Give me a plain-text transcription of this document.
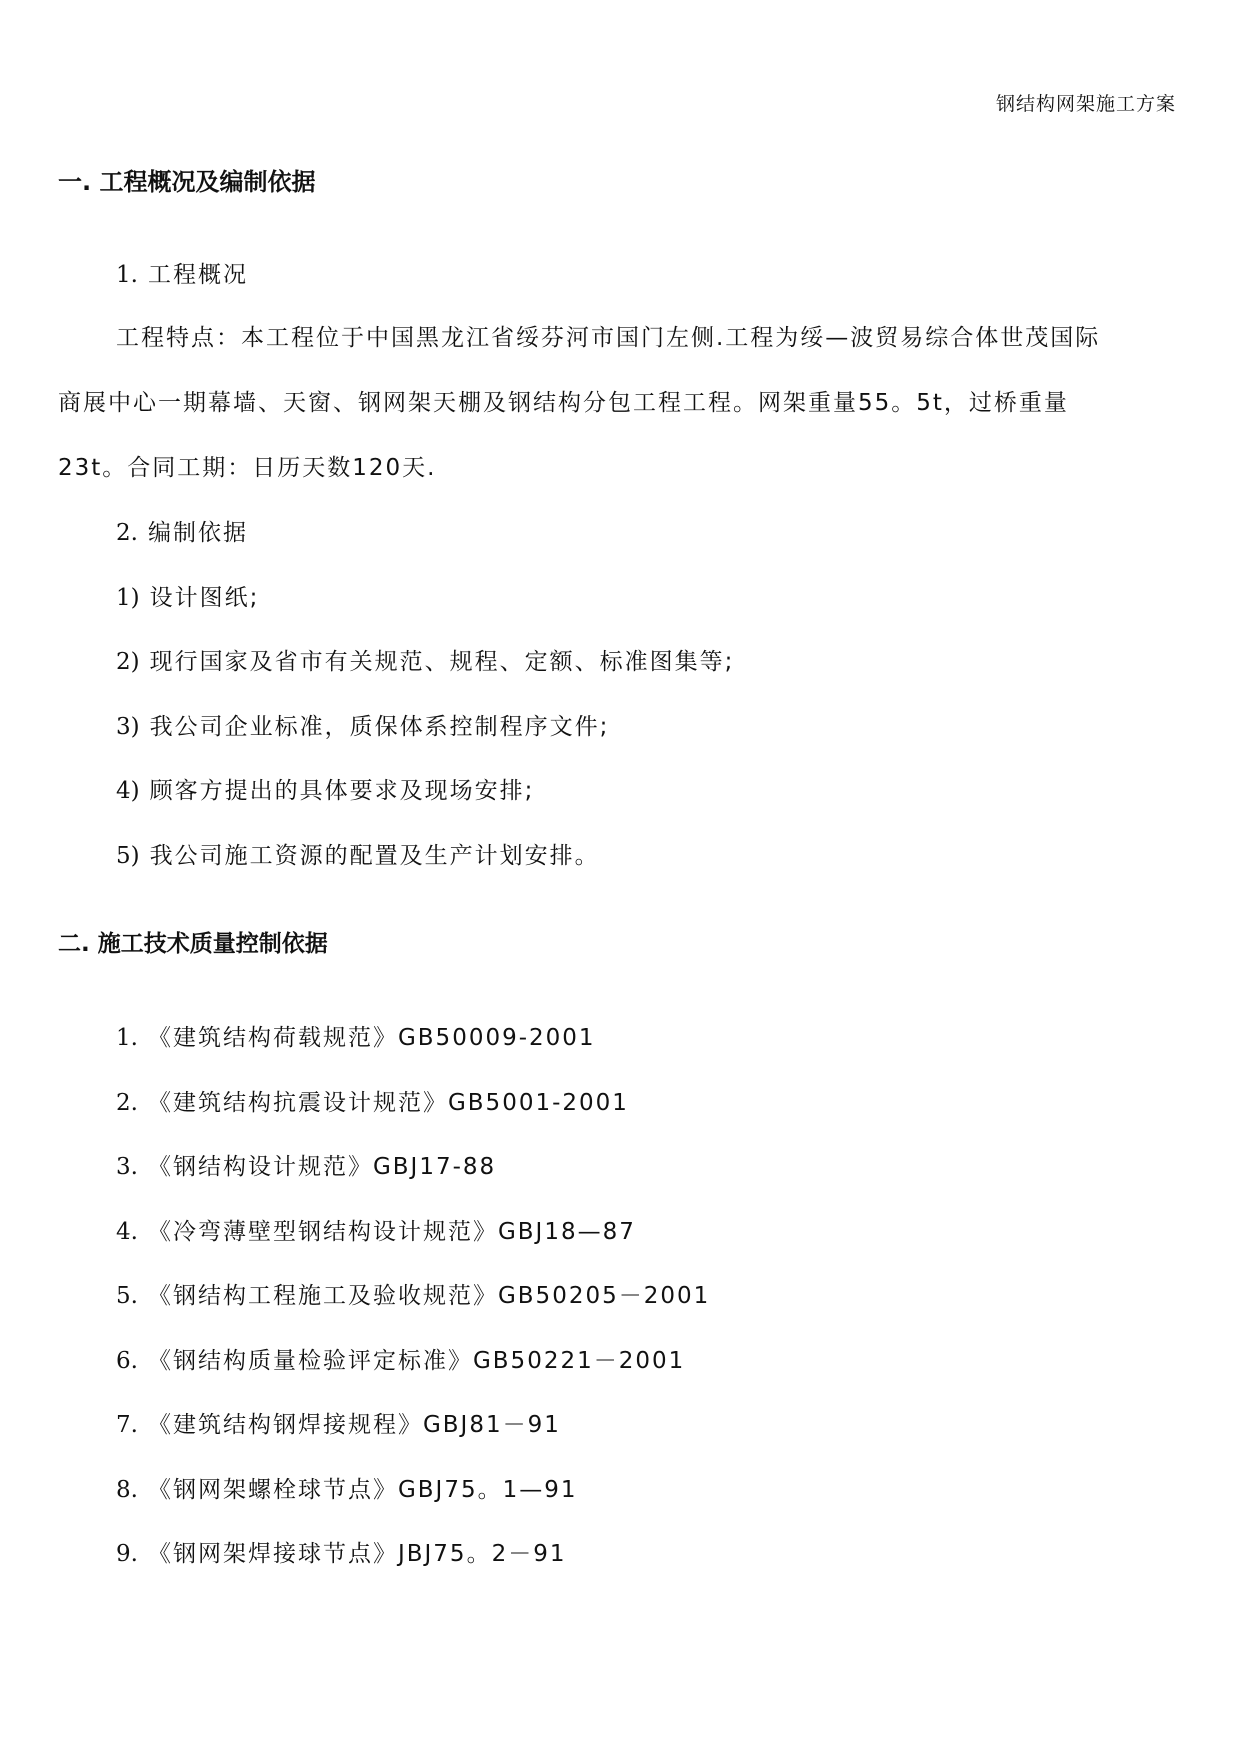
钢结构网架施工方案
一. 工程概况及编制依据
1. 工程概况
工程特点：本工程位于中国黑龙江省绥芬河市国门左侧.工程为绥—波贸易综合体世茂国际
商展中心一期幕墙、天窗、钢网架天棚及钢结构分包工程工程。网架重量55。5t，过桥重量
23t。合同工期：日历天数120天.
2. 编制依据
1) 设计图纸;
2) 现行国家及省市有关规范、规程、定额、标准图集等;
3) 我公司企业标准，质保体系控制程序文件;
4) 顾客方提出的具体要求及现场安排;
5) 我公司施工资源的配置及生产计划安排。
二. 施工技术质量控制依据
1. 《建筑结构荷载规范》GB50009-2001
2. 《建筑结构抗震设计规范》GB5001-2001
3. 《钢结构设计规范》GBJ17-88
4. 《冷弯薄壁型钢结构设计规范》GBJ18—87
5. 《钢结构工程施工及验收规范》GB50205－2001
6. 《钢结构质量检验评定标准》GB50221－2001
7. 《建筑结构钢焊接规程》GBJ81－91
8. 《钢网架螺栓球节点》GBJ75。1—91
9. 《钢网架焊接球节点》JBJ75。2－91
